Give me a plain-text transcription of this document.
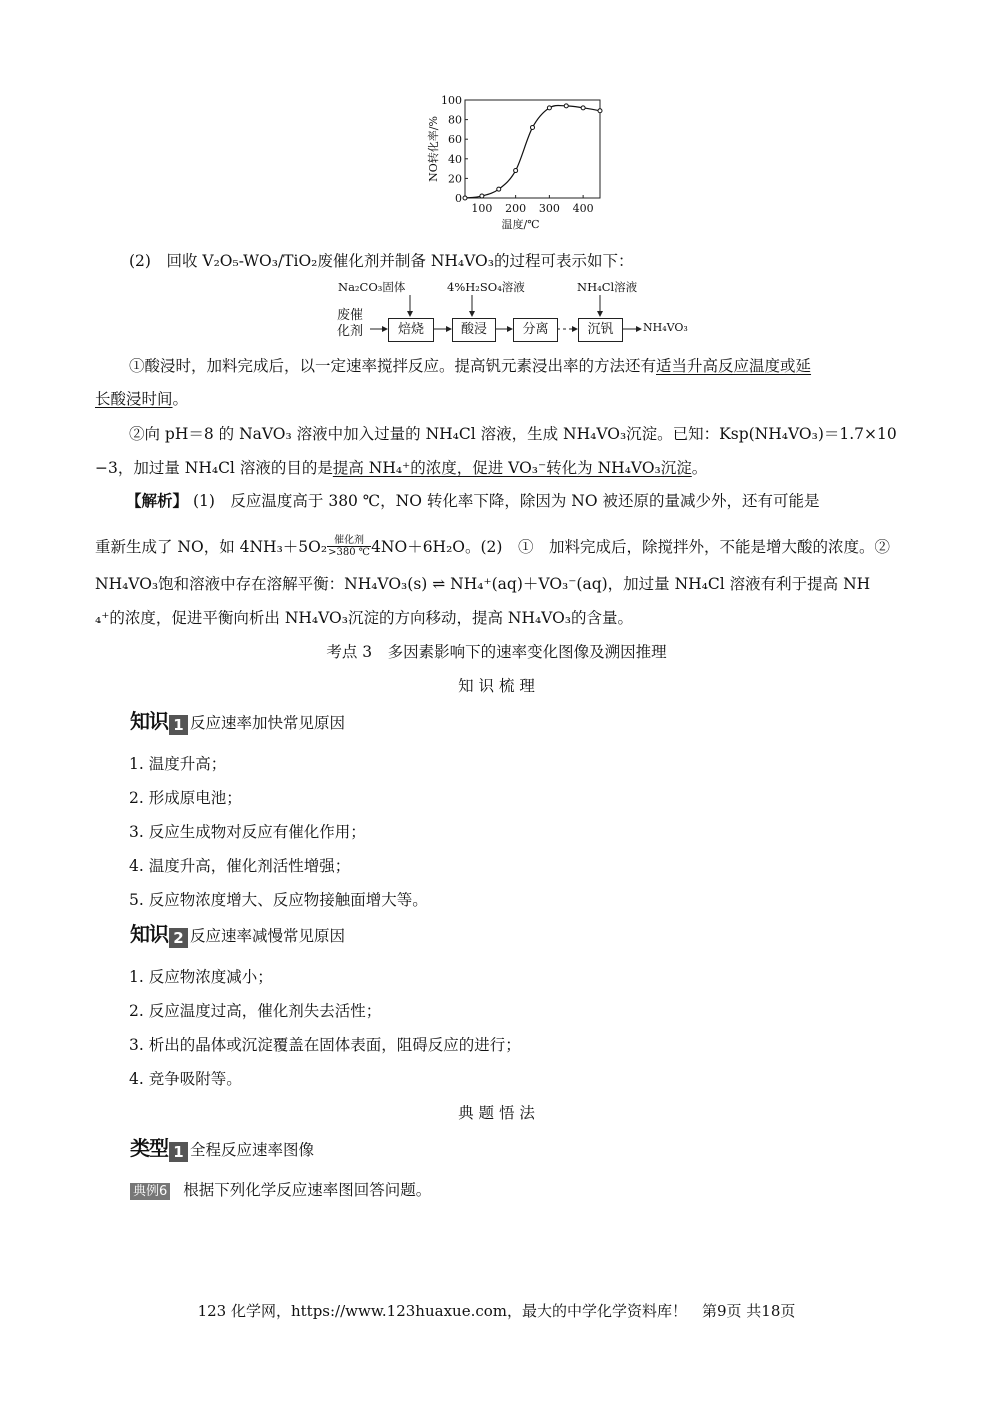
0
20
40
60
80
100
100 200 300 400
NO转化率/%
温度/℃
(2)　回收 V₂O₅-WO₃/TiO₂废催化剂并制备 NH₄VO₃的过程可表示如下：
废催
化剂
Na₂CO₃固体	4%H₂SO₄溶液	NH₄Cl溶液
焙烧	酸浸	分离	沉钒	NH₄VO₃
①酸浸时，加料完成后，以一定速率搅拌反应。提高钒元素浸出率的方法还有适当升高反应温度或延
长酸浸时间。
②向 pH＝8 的 NaVO₃ 溶液中加入过量的 NH₄Cl 溶液，生成 NH₄VO₃沉淀。已知：Ksp(NH₄VO₃)＝1.7×10
−3，加过量 NH₄Cl 溶液的目的是提高 NH₄⁺的浓度，促进 VO₃⁻转化为 NH₄VO₃沉淀。
【解析】 (1)　反应温度高于 380 ℃，NO 转化率下降，除因为 NO 被还原的量减少外，还有可能是
重新生成了 NO，如 4NH₃＋5O₂ 催化剂
>380 ℃ 4NO＋6H₂O。(2)　①　加料完成后，除搅拌外，不能是增大酸的浓度。②
NH₄VO₃饱和溶液中存在溶解平衡：NH₄VO₃(s) ⇌ NH₄⁺(aq)＋VO₃⁻(aq)，加过量 NH₄Cl 溶液有利于提高 NH
₄⁺的浓度，促进平衡向析出 NH₄VO₃沉淀的方向移动，提高 NH₄VO₃的含量。
考点 3　多因素影响下的速率变化图像及溯因推理
知 识 梳 理
知识 1 反应速率加快常见原因
1. 温度升高；
2. 形成原电池；
3. 反应生成物对反应有催化作用；
4. 温度升高，催化剂活性增强；
5. 反应物浓度增大、反应物接触面增大等。
知识 2 反应速率减慢常见原因
1. 反应物浓度减小；
2. 反应温度过高，催化剂失去活性；
3. 析出的晶体或沉淀覆盖在固体表面，阻碍反应的进行；
4. 竞争吸附等。
典 题 悟 法
类型 1 全程反应速率图像
典例6 根据下列化学反应速率图回答问题。
123 化学网，https://www.123huaxue.com，最大的中学化学资料库！　第9页 共18页
